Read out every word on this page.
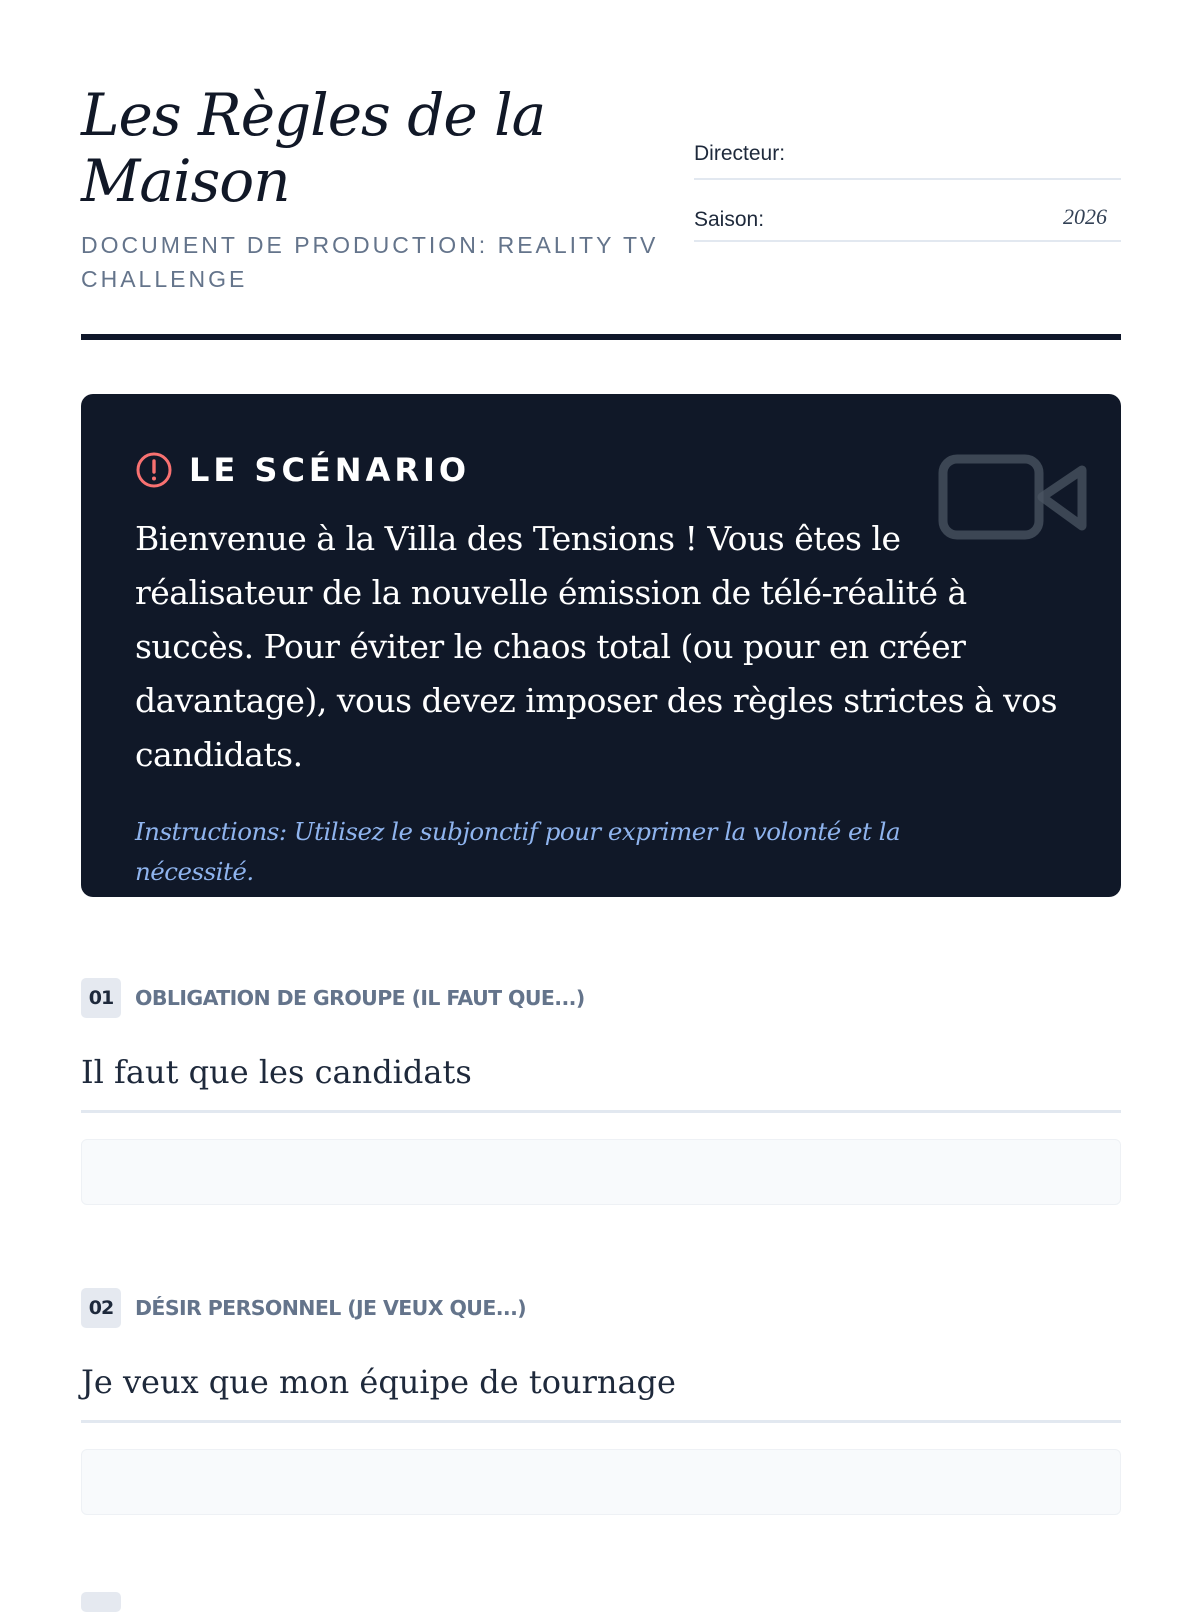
Les Règles de la Maison
DOCUMENT DE PRODUCTION: REALITY TV CHALLENGE
Directeur:
Saison:	2026
LE SCÉNARIO
Bienvenue à la Villa des Tensions ! Vous êtes le réalisateur de la nouvelle émission de télé-réalité à succès. Pour éviter le chaos total (ou pour en créer davantage), vous devez imposer des règles strictes à vos candidats.
Instructions: Utilisez le subjonctif pour exprimer la volonté et la nécessité.
01	OBLIGATION DE GROUPE (IL FAUT QUE...)
Il faut que les candidats
02	DÉSIR PERSONNEL (JE VEUX QUE...)
Je veux que mon équipe de tournage
